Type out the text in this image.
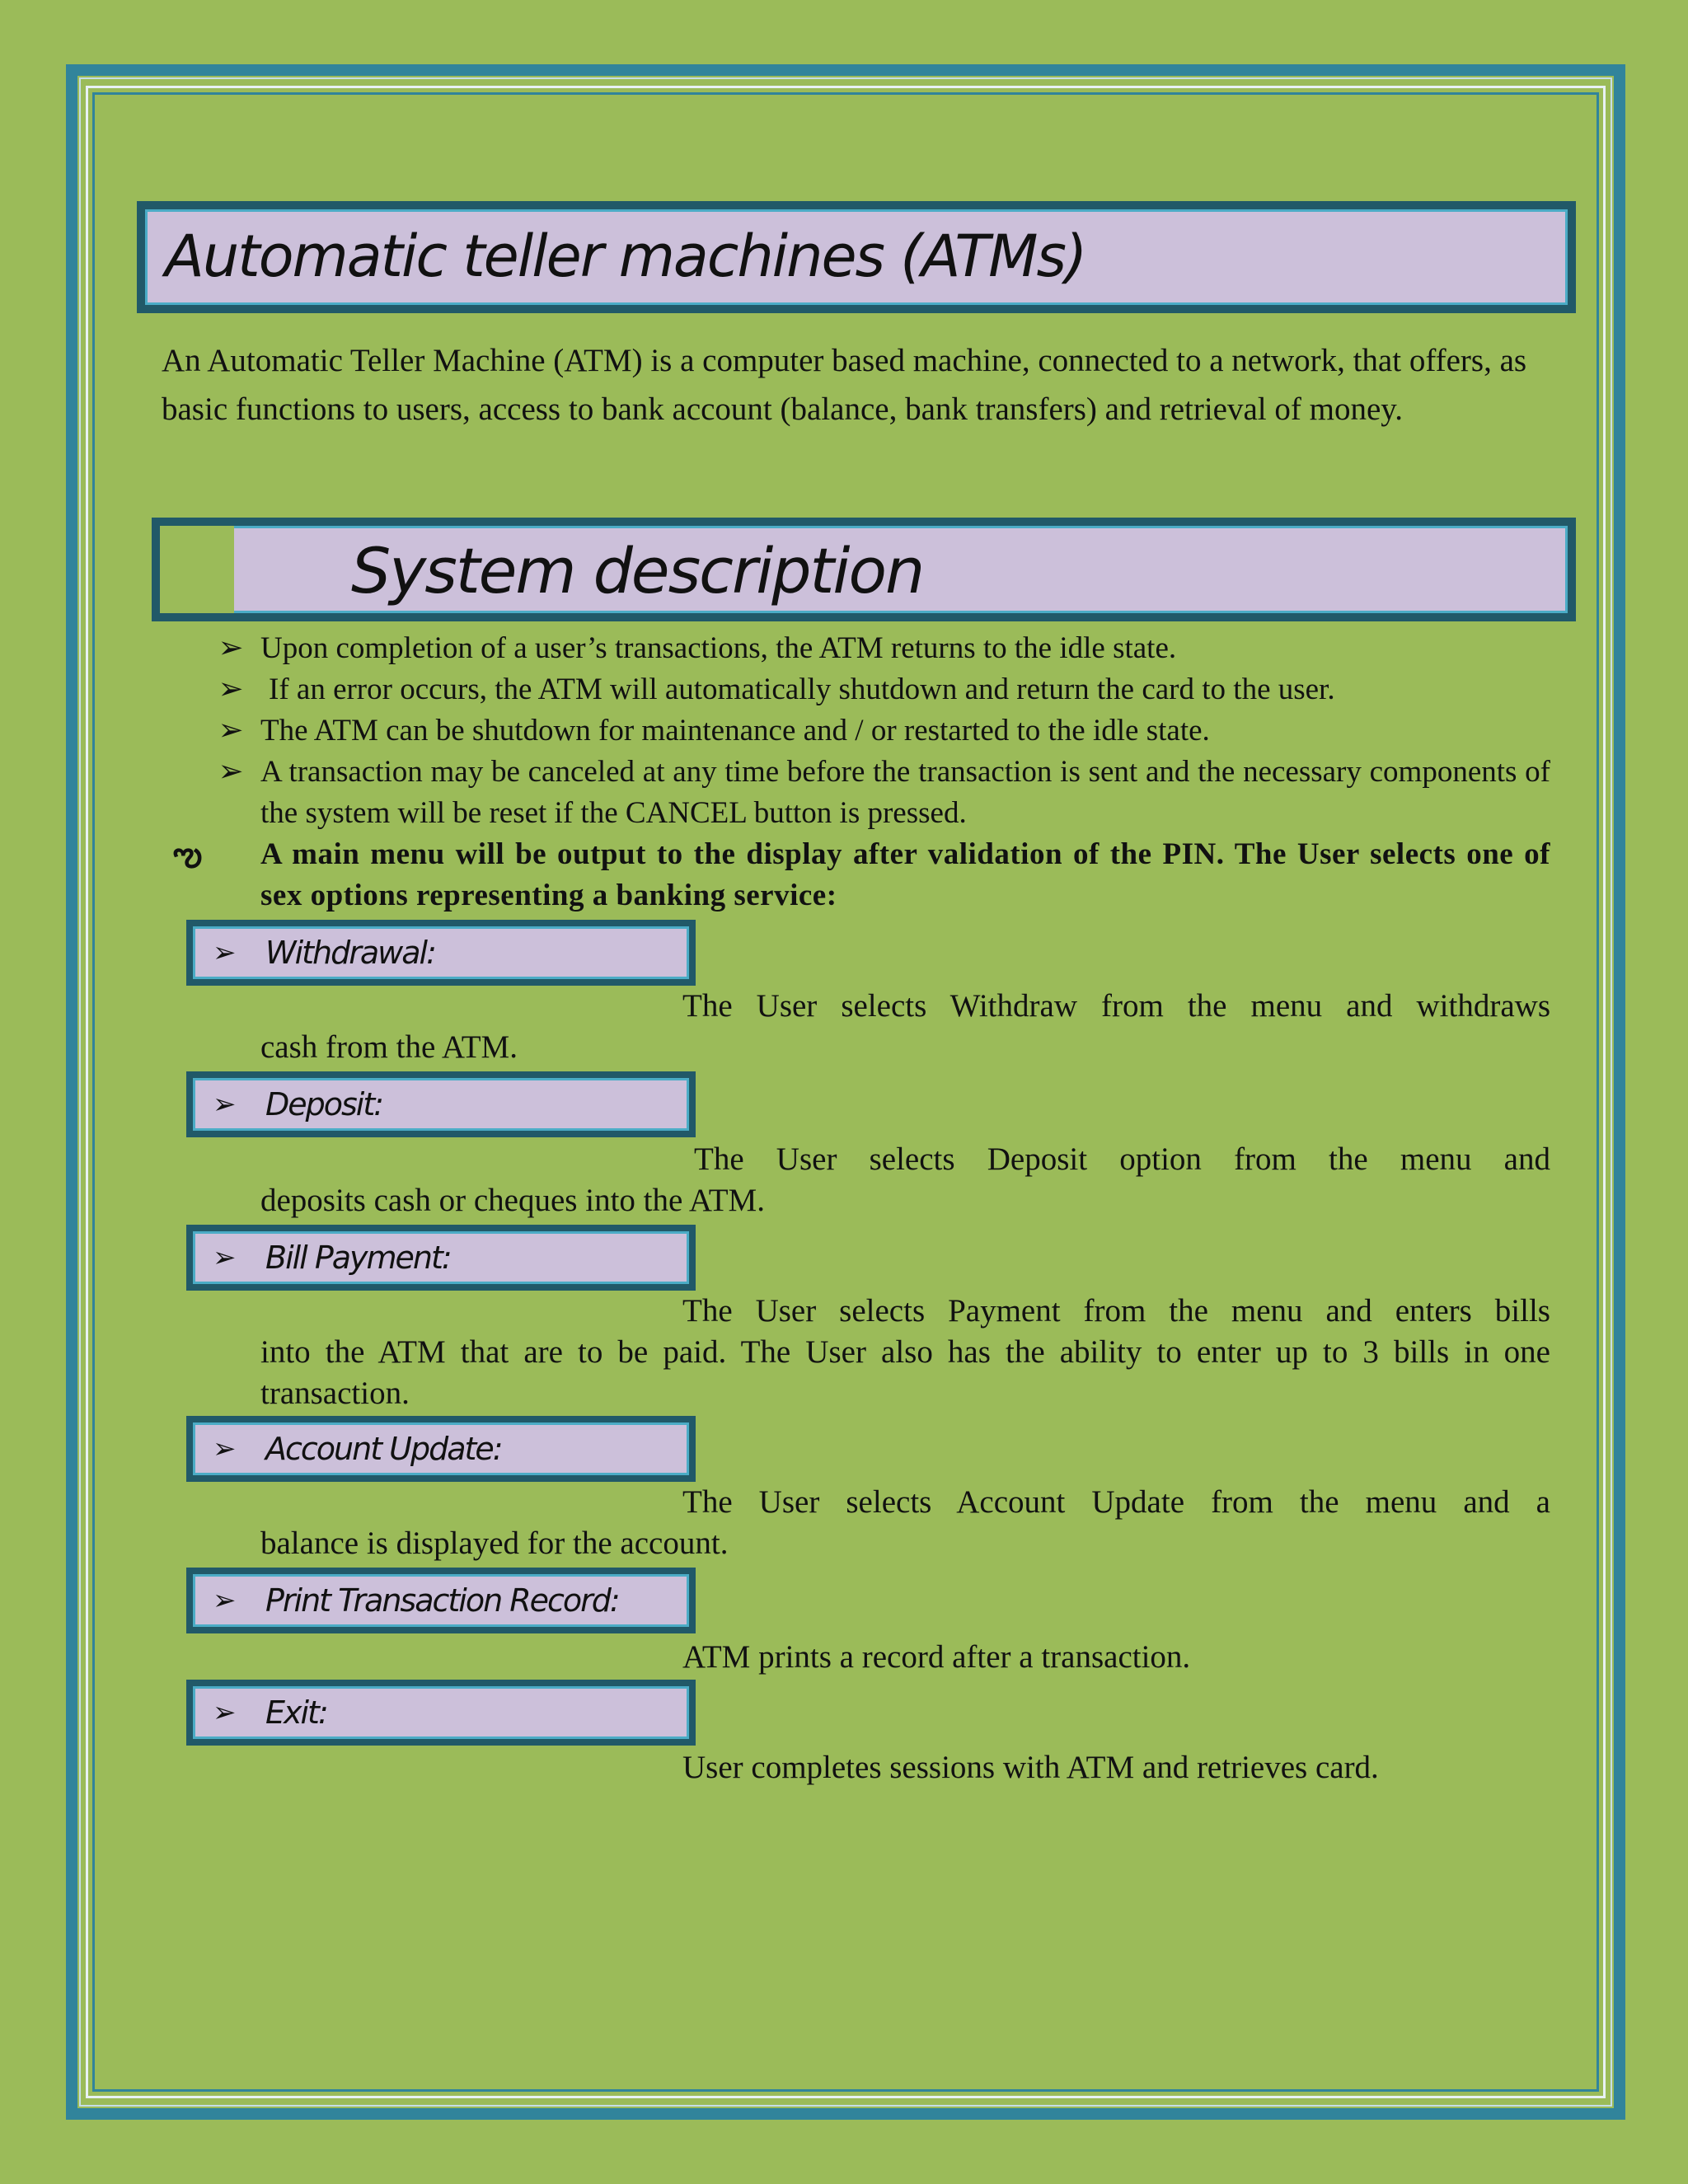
Automatic teller machines (ATMs)
An Automatic Teller Machine (ATM) is a computer based machine, connected to a network, that offers, as basic functions to users, access to bank account (balance, bank transfers) and retrieval of money.
System description
➢ Upon completion of a user’s transactions, the ATM returns to the idle state.
➢ If an error occurs, the ATM will automatically shutdown and return the card to the user.
➢ The ATM can be shutdown for maintenance and / or restarted to the idle state.
➢ A transaction may be canceled at any time before the transaction is sent and the necessary components of the system will be reset if the CANCEL button is pressed.
ఌ A main menu will be output to the display after validation of the PIN. The User selects one of sex options representing a banking service:
➢ Withdrawal:
The User selects Withdraw from the menu and withdraws
cash from the ATM.
➢ Deposit:
The User selects Deposit option from the menu and
deposits cash or cheques into the ATM.
➢ Bill Payment:
The User selects Payment from the menu and enters bills
into the ATM that are to be paid. The User also has the ability to enter up to 3 bills in one transaction.
➢ Account Update:
The User selects Account Update from the menu and a
balance is displayed for the account.
➢ Print Transaction Record:
ATM prints a record after a transaction.
➢ Exit:
User completes sessions with ATM and retrieves card.
